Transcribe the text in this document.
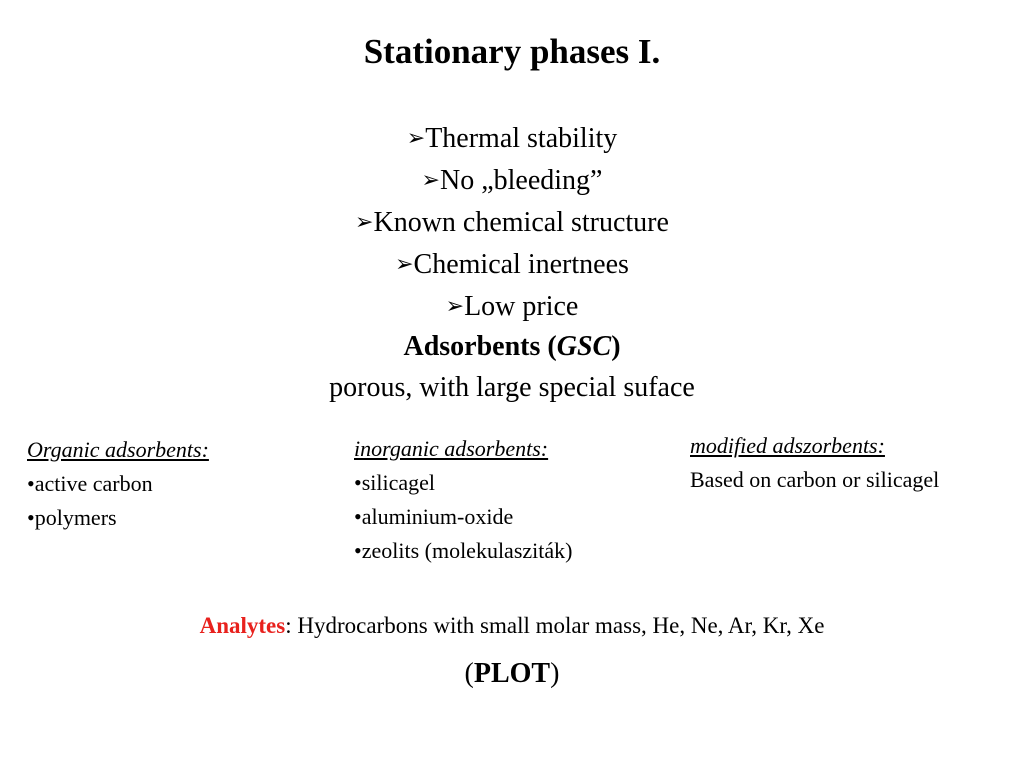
Stationary phases I.
➢Thermal stability
➢No „bleeding”
➢Known chemical structure
➢Chemical inertnees
➢Low price
Adsorbents (GSC)
porous, with large special suface
Organic adsorbents:
•active carbon
•polymers
inorganic adsorbents:
•silicagel
•aluminium-oxide
•zeolits (molekulasziták)
modified adszorbents:
Based on carbon or silicagel
Analytes: Hydrocarbons with small molar mass, He, Ne, Ar, Kr, Xe
(PLOT)
